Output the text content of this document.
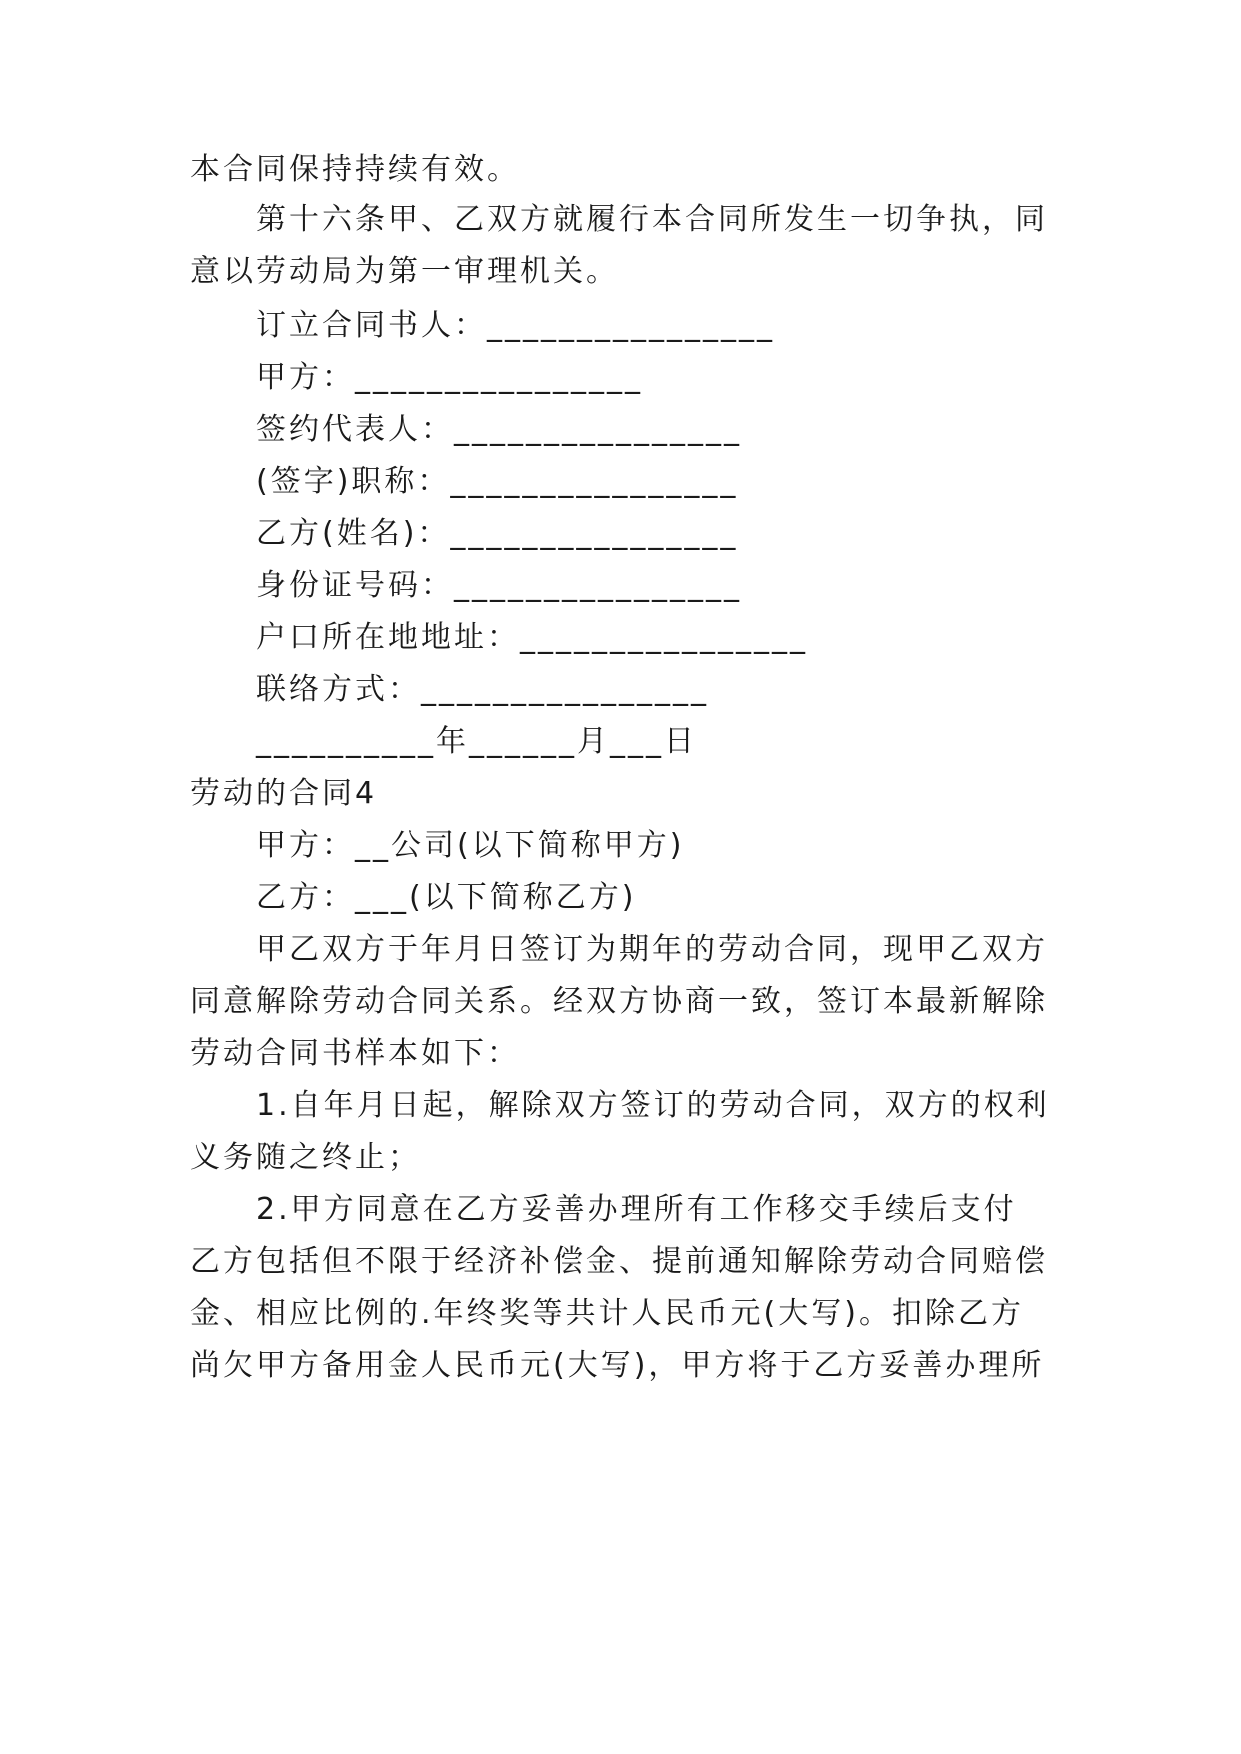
本合同保持持续有效。
第十六条甲、乙双方就履行本合同所发生一切争执，同
意以劳动局为第一审理机关。
订立合同书人：________________
甲方：________________
签约代表人：________________
(签字)职称：________________
乙方(姓名)：________________
身份证号码：________________
户口所在地地址：________________
联络方式：________________
__________年______月___日
劳动的合同4
甲方：__公司(以下简称甲方)
乙方：___(以下简称乙方)
甲乙双方于年月日签订为期年的劳动合同，现甲乙双方
同意解除劳动合同关系。经双方协商一致，签订本最新解除
劳动合同书样本如下：
1.自年月日起，解除双方签订的劳动合同，双方的权利
义务随之终止；
2.甲方同意在乙方妥善办理所有工作移交手续后支付
乙方包括但不限于经济补偿金、提前通知解除劳动合同赔偿
金、相应比例的.年终奖等共计人民币元(大写)。扣除乙方
尚欠甲方备用金人民币元(大写)，甲方将于乙方妥善办理所
